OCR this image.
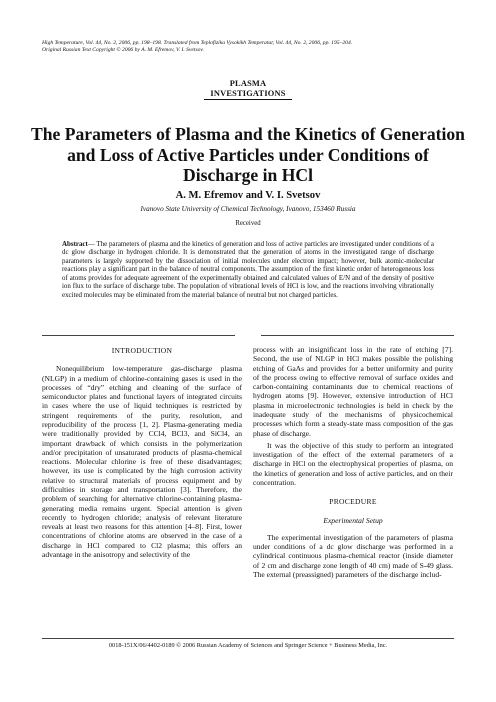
High Temperature, Vol. 44, No. 2, 2006, pp. 198–198. Translated from Teplofizika Vysokikh Temperatur, Vol. 44, No. 2, 2006, pp. 195–204.
Original Russian Text Copyright © 2006 by A. M. Efremov, V. I. Svetsov.
PLASMA
INVESTIGATIONS
The Parameters of Plasma and the Kinetics of Generation and Loss of Active Particles under Conditions of Discharge in HCl
A. M. Efremov and V. I. Svetsov
Ivanovo State University of Chemical Technology, Ivanovo, 153460 Russia
Received
Abstract— The parameters of plasma and the kinetics of generation and loss of active particles are investigated under conditions of a dc glow discharge in hydrogen chloride. It is demonstrated that the generation of atoms in the investigated range of discharge parameters is largely supported by the dissociation of initial molecules under electron impact; however, bulk atomic-molecular reactions play a significant part in the balance of neutral components. The assumption of the first kinetic order of heterogeneous loss of atoms provides for adequate agreement of the experimentally obtained and calculated values of E/N and of the density of positive ion flux to the surface of discharge tube. The population of vibrational levels of HCl is low, and the reactions involving vibrationally excited molecules may be eliminated from the material balance of neutral but not charged particles.

INTRODUCTION

Nonequilibrium low-temperature gas-discharge plasma (NLGP) in a medium of chlorine-containing gases is used in the processes of “dry” etching and cleaning of the surface of semiconductor plates and functional layers of integrated circuits in cases where the use of liquid techniques is restricted by stringent requirements of the purity, resolution, and reproducibility of the process [1, 2]. Plasma-generating media were traditionally provided by CCl4, BCl3, and SiCl4, an important drawback of which consists in the polymerization and/or precipitation of unsaturated products of plasma-chemical reactions. Molecular chlorine is free of these disadvantages; however, its use is complicated by the high corrosion activity relative to structural materials of process equipment and by difficulties in storage and transportation [3]. Therefore, the problem of searching for alternative chlorine-containing plasma-generating media remains urgent. Special attention is given recently to hydrogen chloride; analysis of relevant literature reveals at least two reasons for this attention [4–8]. First, lower concentrations of chlorine atoms are observed in the case of a discharge in HCl compared to Cl2 plasma; this offers an advantage in the anisotropy and selectivity of the

process with an insignificant loss in the rate of etching [7]. Second, the use of NLGP in HCl makes possible the polishing etching of GaAs and provides for a better uniformity and purity of the process owing to effective removal of surface oxides and carbon-containing contaminants due to chemical reactions of hydrogen atoms [9]. However, extensive introduction of HCl plasma in microelectronic technologies is held in check by the inadequate study of the mechanisms of physicochemical processes which form a steady-state mass composition of the gas phase of discharge.

It was the objective of this study to perform an integrated investigation of the effect of the external parameters of a discharge in HCl on the electrophysical properties of plasma, on the kinetics of generation and loss of active particles, and on their concentration.

PROCEDURE

Experimental Setup

The experimental investigation of the parameters of plasma under conditions of a dc glow discharge was performed in a cylindrical continuous plasma-chemical reactor (inside diameter of 2 cm and discharge zone length of 40 cm) made of S-49 glass. The external (preassigned) parameters of the discharge includ-

0018-151X/06/4402-0189 © 2006 Russian Academy of Sciences and Springer Science + Business Media, Inc.
